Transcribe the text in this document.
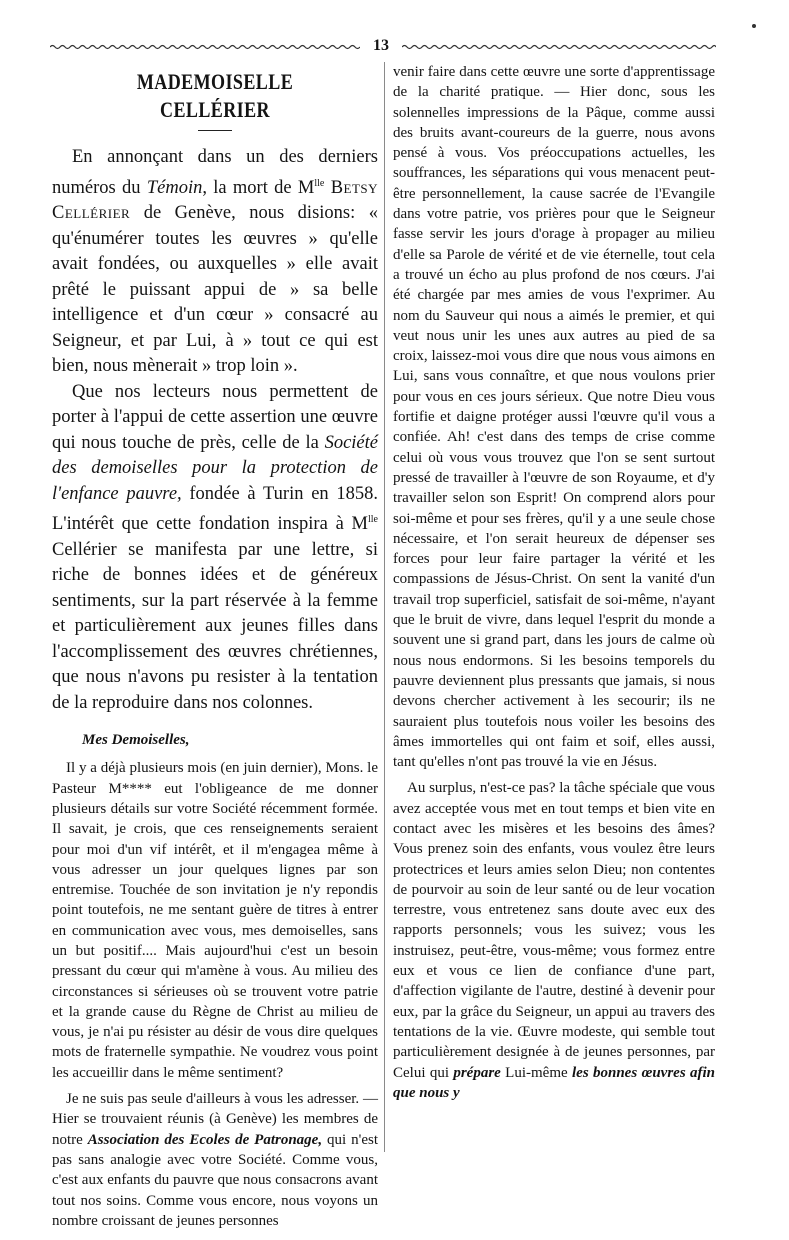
13
MADEMOISELLE CELLÉRIER

En annonçant dans un des derniers numéros du Témoin, la mort de $M^{lle}$ Betsy Cellérier de Genève, nous disions: « qu'énumérer toutes les œuvres » qu'elle avait fondées, ou auxquelles » elle avait prêté le puissant appui de » sa belle intelligence et d'un cœur » consacré au Seigneur, et par Lui, à » tout ce qui est bien, nous mènerait » trop loin ».

Que nos lecteurs nous permettent de porter à l'appui de cette assertion une œuvre qui nous touche de près, celle de la Société des demoiselles pour la protection de l'enfance pauvre, fondée à Turin en 1858. L'intérêt que cette fondation inspira à $M^{lle}$ Cellérier se manifesta par une lettre, si riche de bonnes idées et de généreux sentiments, sur la part réservée à la femme et particulièrement aux jeunes filles dans l'accomplissement des œuvres chrétiennes, que nous n'avons pu resister à la tentation de la reproduire dans nos colonnes.

Mes Demoiselles,

Il y a déjà plusieurs mois (en juin dernier), Mons. le Pasteur M**** eut l'obligeance de me donner plusieurs détails sur votre Société récemment formée. Il savait, je crois, que ces renseignements seraient pour moi d'un vif intérêt, et il m'engagea même à vous adresser un jour quelques lignes par son entremise. Touchée de son invitation je n'y repondis point toutefois, ne me sentant guère de titres à entrer en communication avec vous, mes demoiselles, sans un but positif.... Mais aujourd'hui c'est un besoin pressant du cœur qui m'amène à vous. Au milieu des circonstances si sérieuses où se trouvent votre patrie et la grande cause du Règne de Christ au milieu de vous, je n'ai pu résister au désir de vous dire quelques mots de fraternelle sympathie. Ne voudrez vous point les accueillir dans le même sentiment?

Je ne suis pas seule d'ailleurs à vous les adresser. — Hier se trouvaient réunis (à Genève) les membres de notre Association des Ecoles de Patronage, qui n'est pas sans analogie avec votre Société. Comme vous, c'est aux enfants du pauvre que nous consacrons avant tout nos soins. Comme vous encore, nous voyons un nombre croissant de jeunes personnes

venir faire dans cette œuvre une sorte d'apprentissage de la charité pratique. — Hier donc, sous les solennelles impressions de la Pâque, comme aussi des bruits avant-coureurs de la guerre, nous avons pensé à vous. Vos préoccupations actuelles, les souffrances, les séparations qui vous menacent peut-être personnellement, la cause sacrée de l'Evangile dans votre patrie, vos prières pour que le Seigneur fasse servir les jours d'orage à propager au milieu d'elle sa Parole de vérité et de vie éternelle, tout cela a trouvé un écho au plus profond de nos cœurs. J'ai été chargée par mes amies de vous l'exprimer. Au nom du Sauveur qui nous a aimés le premier, et qui veut nous unir les unes aux autres au pied de sa croix, laissez-moi vous dire que nous vous aimons en Lui, sans vous connaître, et que nous voulons prier pour vous en ces jours sérieux. Que notre Dieu vous fortifie et daigne protéger aussi l'œuvre qu'il vous a confiée. Ah! c'est dans des temps de crise comme celui où vous vous trouvez que l'on se sent surtout pressé de travailler à l'œuvre de son Royaume, et d'y travailler selon son Esprit! On comprend alors pour soi-même et pour ses frères, qu'il y a une seule chose nécessaire, et l'on serait heureux de dépenser ses forces pour leur faire partager la vérité et les compassions de Jésus-Christ. On sent la vanité d'un travail trop superficiel, satisfait de soi-même, n'ayant que le bruit de vivre, dans lequel l'esprit du monde a souvent une si grand part, dans les jours de calme où nous nous endormons. Si les besoins temporels du pauvre deviennent plus pressants que jamais, si nous devons chercher activement à les secourir; ils ne sauraient plus toutefois nous voiler les besoins des âmes immortelles qui ont faim et soif, elles aussi, tant qu'elles n'ont pas trouvé la vie en Jésus.

Au surplus, n'est-ce pas? la tâche spéciale que vous avez acceptée vous met en tout temps et bien vite en contact avec les misères et les besoins des âmes? Vous prenez soin des enfants, vous voulez être leurs protectrices et leurs amies selon Dieu; non contentes de pourvoir au soin de leur santé ou de leur vocation terrestre, vous entretenez sans doute avec eux des rapports personnels; vous les suivez; vous les instruisez, peut-être, vous-même; vous formez entre eux et vous ce lien de confiance d'une part, d'affection vigilante de l'autre, destiné à devenir pour eux, par la grâce du Seigneur, un appui au travers des tentations de la vie. Œuvre modeste, qui semble tout particulièrement designée à de jeunes personnes, par Celui qui prépare Lui-même les bonnes œuvres afin que nous y
